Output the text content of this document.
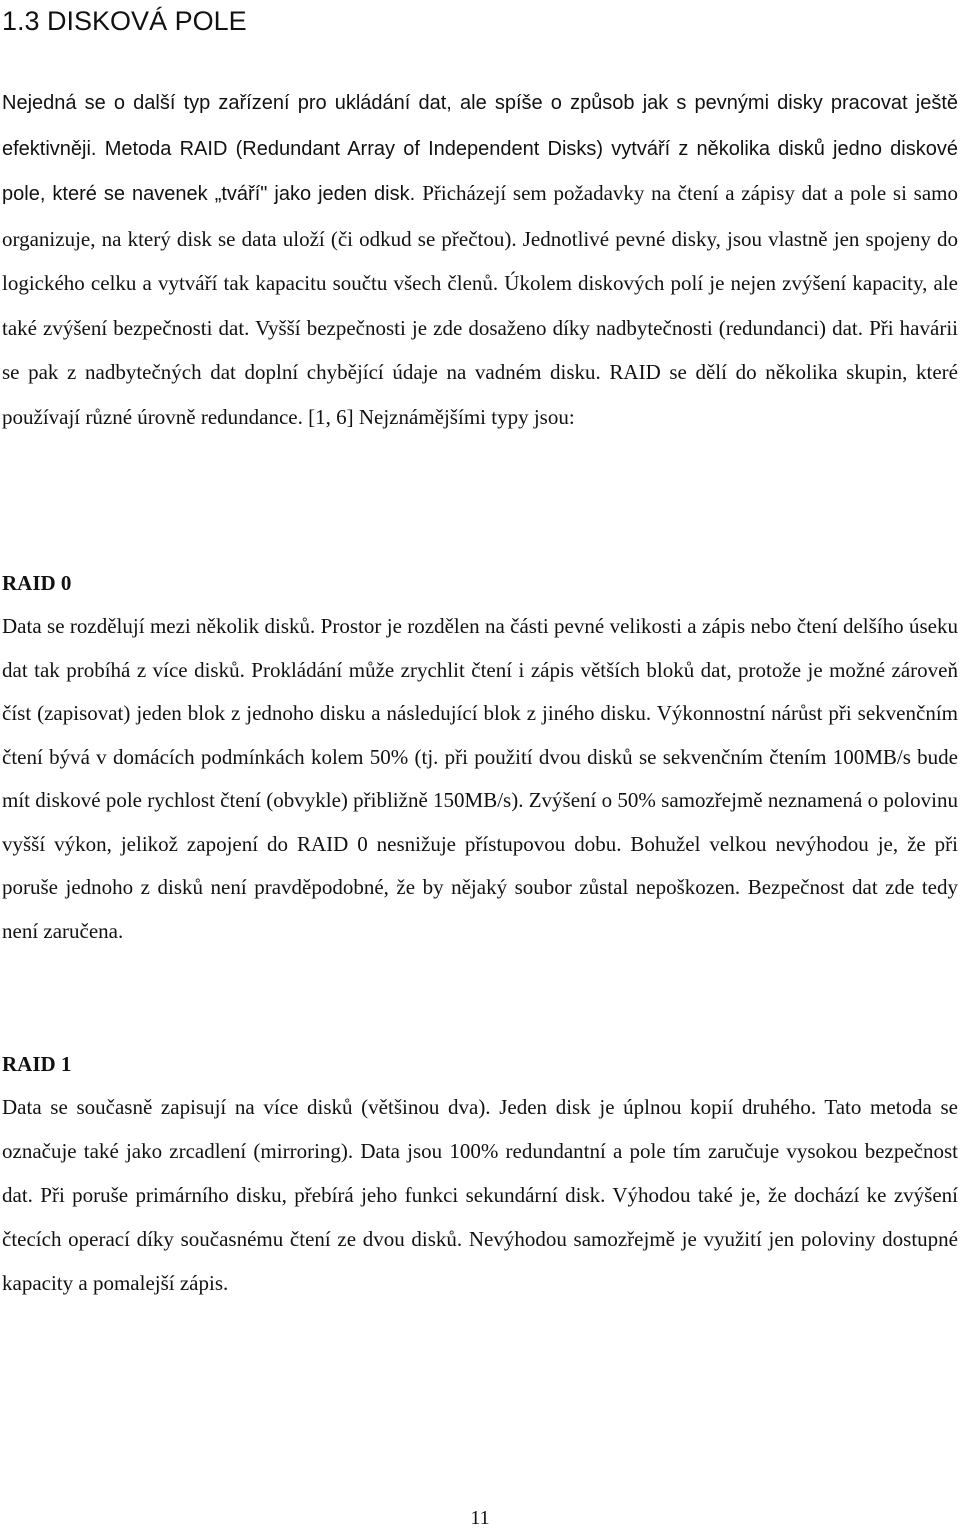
1.3 DISKOVÁ POLE

Nejedná se o další typ zařízení pro ukládání dat, ale spíše o způsob jak s pevnými disky pracovat ještě efektivněji. Metoda RAID (Redundant Array of Independent Disks) vytváří z několika disků jedno diskové pole, které se navenek „tváří" jako jeden disk. Přicházejí sem požadavky na čtení a zápisy dat a pole si samo organizuje, na který disk se data uloží (či odkud se přečtou). Jednotlivé pevné disky, jsou vlastně jen spojeny do logického celku a vytváří tak kapacitu součtu všech členů. Úkolem diskových polí je nejen zvýšení kapacity, ale také zvýšení bezpečnosti dat. Vyšší bezpečnosti je zde dosaženo díky nadbytečnosti (redundanci) dat. Při havárii se pak z nadbytečných dat doplní chybějící údaje na vadném disku. RAID se dělí do několika skupin, které používají různé úrovně redundance. [1, 6] Nejznámějšími typy jsou:

RAID 0

Data se rozdělují mezi několik disků. Prostor je rozdělen na části pevné velikosti a zápis nebo čtení delšího úseku dat tak probíhá z více disků. Prokládání může zrychlit čtení i zápis větších bloků dat, protože je možné zároveň číst (zapisovat) jeden blok z jednoho disku a následující blok z jiného disku. Výkonnostní nárůst při sekvenčním čtení bývá v domácích podmínkách kolem 50% (tj. při použití dvou disků se sekvenčním čtením 100MB/s bude mít diskové pole rychlost čtení (obvykle) přibližně 150MB/s). Zvýšení o 50% samozřejmě neznamená o polovinu vyšší výkon, jelikož zapojení do RAID 0 nesnižuje přístupovou dobu. Bohužel velkou nevýhodou je, že při poruše jednoho z disků není pravděpodobné, že by nějaký soubor zůstal nepoškozen. Bezpečnost dat zde tedy není zaručena.

RAID 1

Data se současně zapisují na více disků (většinou dva). Jeden disk je úplnou kopií druhého. Tato metoda se označuje také jako zrcadlení (mirroring). Data jsou 100% redundantní a pole tím zaručuje vysokou bezpečnost dat. Při poruše primárního disku, přebírá jeho funkci sekundární disk. Výhodou také je, že dochází ke zvýšení čtecích operací díky současnému čtení ze dvou disků. Nevýhodou samozřejmě je využití jen poloviny dostupné kapacity a pomalejší zápis.

11
